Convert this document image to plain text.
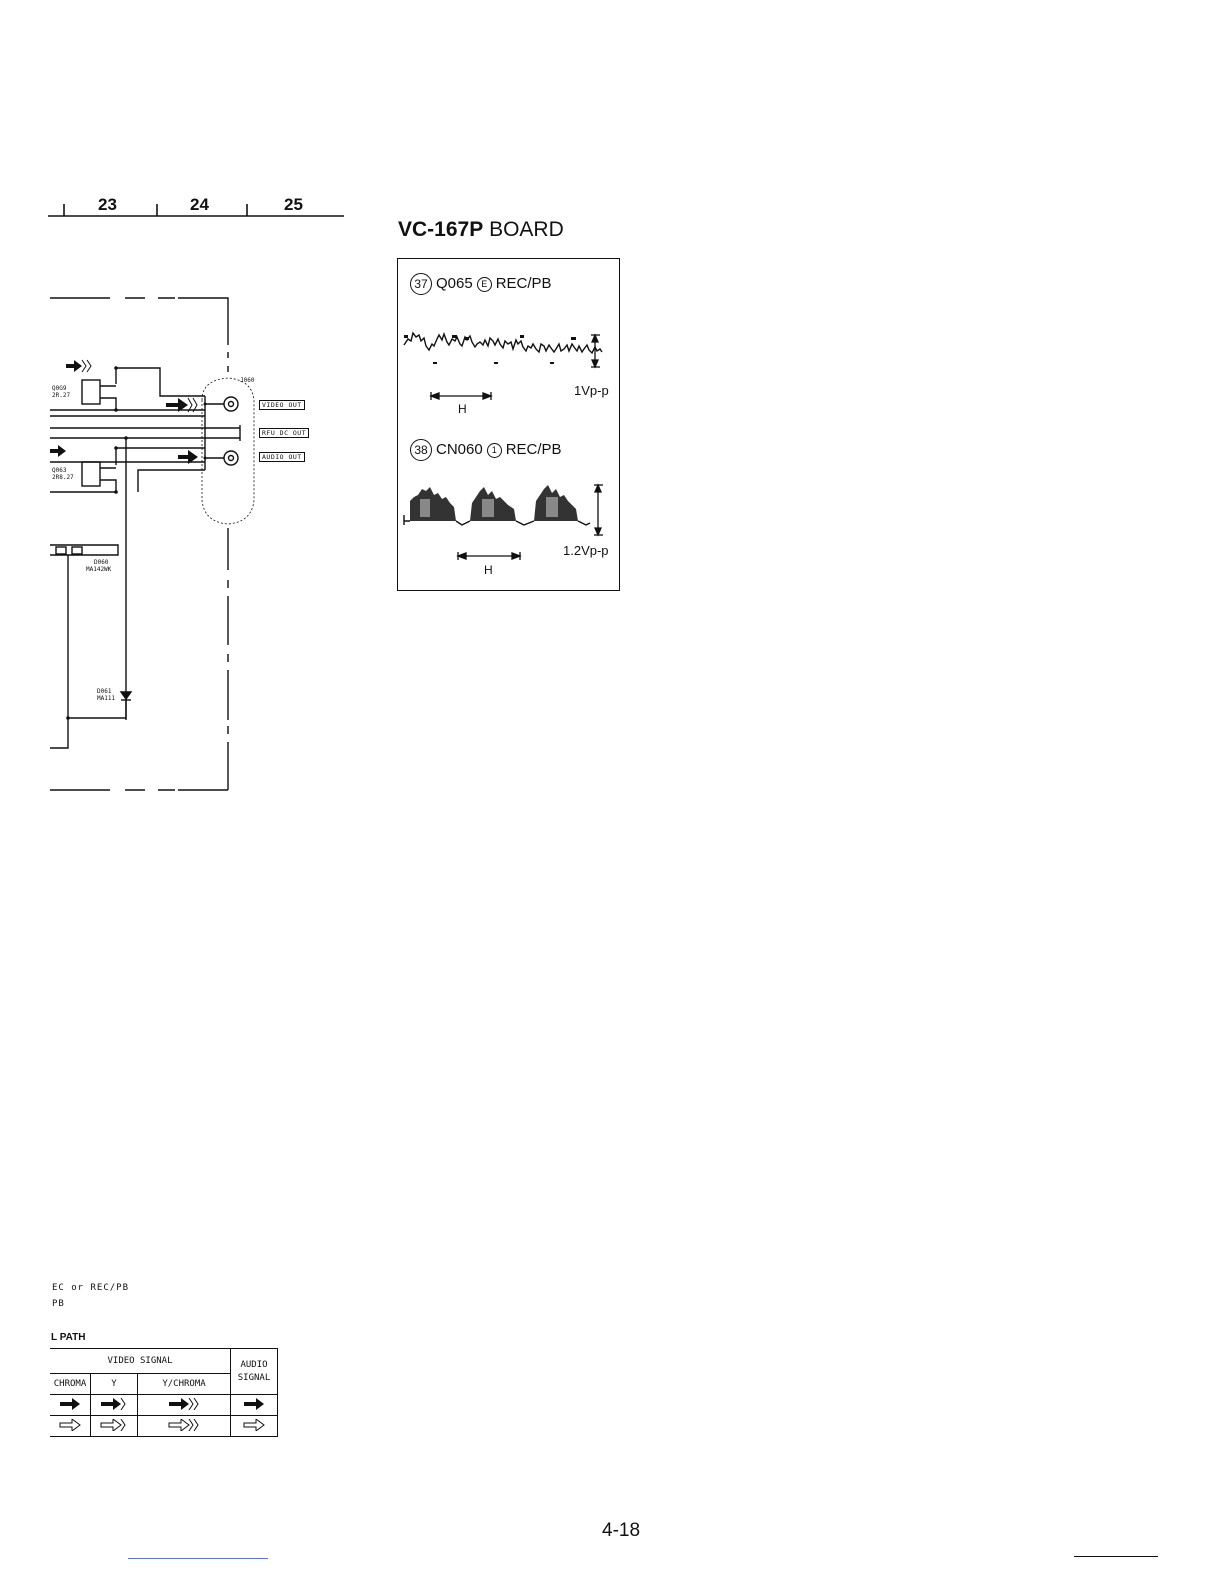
23	24	25
VC-167P BOARD
37 Q065 E REC/PB
1Vp-p
H
38 CN060 1 REC/PB
1.2Vp-p
H
J060
VIDEO OUT
RFU DC OUT
AUDIO OUT
Q0G9
2R.27
Q063
2R8.27
D060
MA142WK
D061
MA111
EC or REC/PB
PB
L PATH
VIDEO SIGNAL			AUDIO SIGNAL
CHROMA	Y	Y/CHROMA	

4-18
